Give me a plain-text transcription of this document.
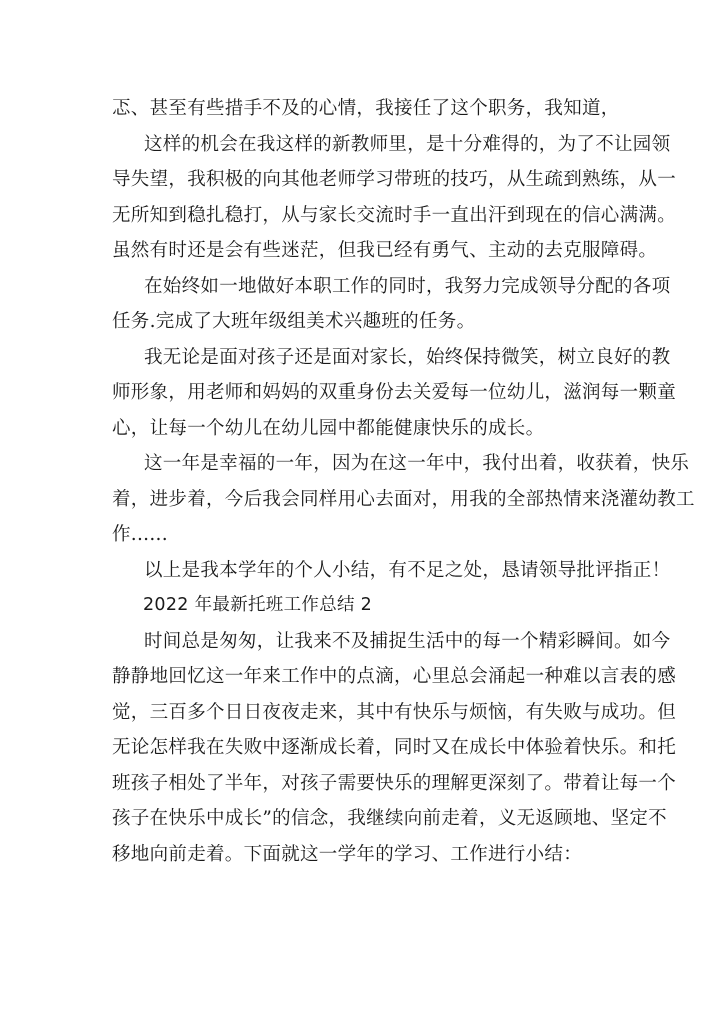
忑、甚至有些措手不及的心情，我接任了这个职务，我知道，
这样的机会在我这样的新教师里，是十分难得的，为了不让园领
导失望，我积极的向其他老师学习带班的技巧，从生疏到熟练，从一
无所知到稳扎稳打，从与家长交流时手一直出汗到现在的信心满满。
虽然有时还是会有些迷茫，但我已经有勇气、主动的去克服障碍。
在始终如一地做好本职工作的同时，我努力完成领导分配的各项
任务.完成了大班年级组美术兴趣班的任务。
我无论是面对孩子还是面对家长，始终保持微笑，树立良好的教
师形象，用老师和妈妈的双重身份去关爱每一位幼儿，滋润每一颗童
心，让每一个幼儿在幼儿园中都能健康快乐的成长。
这一年是幸福的一年，因为在这一年中，我付出着，收获着，快乐
着，进步着，今后我会同样用心去面对，用我的全部热情来浇灌幼教工
作......
以上是我本学年的个人小结，有不足之处，恳请领导批评指正！
2022 年最新托班工作总结 2
时间总是匆匆，让我来不及捕捉生活中的每一个精彩瞬间。如今
静静地回忆这一年来工作中的点滴，心里总会涌起一种难以言表的感
觉，三百多个日日夜夜走来，其中有快乐与烦恼，有失败与成功。但
无论怎样我在失败中逐渐成长着，同时又在成长中体验着快乐。和托
班孩子相处了半年，对孩子需要快乐的理解更深刻了。带着让每一个
孩子在快乐中成长”的信念，我继续向前走着，义无返顾地、坚定不
移地向前走着。下面就这一学年的学习、工作进行小结：
